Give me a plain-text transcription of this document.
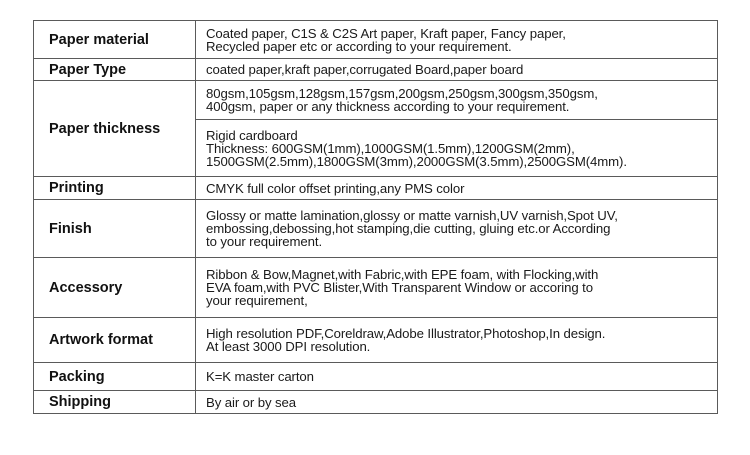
Paper material	Coated paper, C1S & C2S Art paper, Kraft paper, Fancy paper,
Recycled paper etc or according to your requirement.

Paper Type	coated paper,kraft paper,corrugated Board,paper board

Paper thickness	80gsm,105gsm,128gsm,157gsm,200gsm,250gsm,300gsm,350gsm,
400gsm, paper or any thickness according to your requirement.

	Rigid cardboard
Thickness: 600GSM(1mm),1000GSM(1.5mm),1200GSM(2mm),
1500GSM(2.5mm),1800GSM(3mm),2000GSM(3.5mm),2500GSM(4mm).

Printing	CMYK full color offset printing,any PMS color

Finish	Glossy or matte lamination,glossy or matte varnish,UV varnish,Spot UV,
embossing,debossing,hot stamping,die cutting, gluing etc.or According
to your requirement.

Accessory	Ribbon & Bow,Magnet,with Fabric,with EPE foam, with Flocking,with
EVA foam,with PVC Blister,With Transparent Window or accoring to
your requirement,

Artwork format	High resolution PDF,Coreldraw,Adobe Illustrator,Photoshop,In design.
At least 3000 DPI resolution.

Packing	K=K master carton

Shipping	By air or by sea
